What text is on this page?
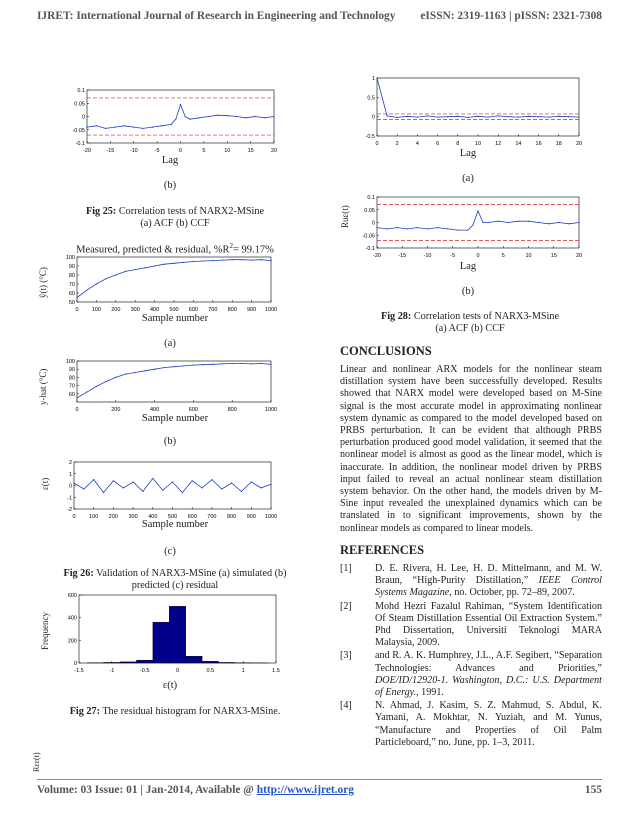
IJRET: International Journal of Research in Engineering and Technology eISSN: 2319-1163 | pISSN: 2321-7308
-20	-15	-10	-5	0	5	10	15	20
-0.1
-0.05
0
0.05
0.1
Lag
(b)
Fig 25: Correlation tests of NARX2-MSine
(a) ACF (b) CCF
Measured, predicted & residual, $\%R^2= 99.17\%$
ŷ(t) (°C)
0 100 200 300 400 500 600 700 800 900 1000
50
60
70
80
90
100
Sample number
(a)
y-hat (°C)
0	200	400	600	800	1000
60
70
80
90
100
Sample number
(b)
ε(t)
0 100 200 300 400 500 600 700 800 900 1000
-2
-1
0
1
2
Sample number
(c)
Fig 26: Validation of NARX3-MSine (a) simulated (b)
predicted (c) residual
Frequency
-1.5	-1	-0.5	0	0.5	1	1.5
0
200
400
600
ε(t)
Fig 27: The residual histogram for NARX3-MSine.
Rεε(t)
0	2	4	6	8	10	12	14	16	18	20
-0.5
0
0.5
1
Lag
(a)
Ruε(t)
-20	-15	-10	-5	0	5	10	15	20
-0.1
-0.05
0
0.05
0.1
Lag
(b)
Fig 28: Correlation tests of NARX3-MSine
(a) ACF (b) CCF
CONCLUSIONS
Linear and nonlinear ARX models for the nonlinear steam distillation system have been successfully developed. Results showed that NARX model were developed based on M-Sine signal is the most accurate model in approximating nonlinear system dynamic as compared to the model developed based on PRBS perturbation. It can be evident that although PRBS perturbation produced good model validation, it seemed that the nonlinear model is almost as good as the linear model, which is inaccurate. In addition, the nonlinear model driven by PRBS input failed to reveal an actual nonlinear steam distillation system behavior. On the other hand, the models driven by M-Sine input revealed the unexplained dynamics which can be translated in to significant improvements, shown by the nonlinear models as compared to linear models.
REFERENCES
[1]	D. E. Rivera, H. Lee, H. D. Mittelmann, and M. W. Braun, “High-Purity Distillation,” IEEE Control Systems Magazine, no. October, pp. 72–89, 2007.
[2]	Mohd Hezri Fazalul Rahiman, “System Identification Of Steam Distillation Essential Oil Extraction System.” Phd Dissertation, Universiti Teknologi MARA Malaysia, 2009.
[3]	and R. A. K. Humphrey, J.L., A.F. Segibert, “Separation Technologies: Advances and Priorities,” DOE/ID/12920-1. Washington, D.C.: U.S. Department of Energy., 1991.
[4]	N. Ahmad, J. Kasim, S. Z. Mahmud, S. Abdul, K. Yamani, A. Mokhtar, N. Yuziah, and M. Yunus, “Manufacture and Properties of Oil Palm Particleboard,” no. June, pp. 1–3, 2011.
Volume: 03 Issue: 01 | Jan-2014, Available @ http://www.ijret.org	155
